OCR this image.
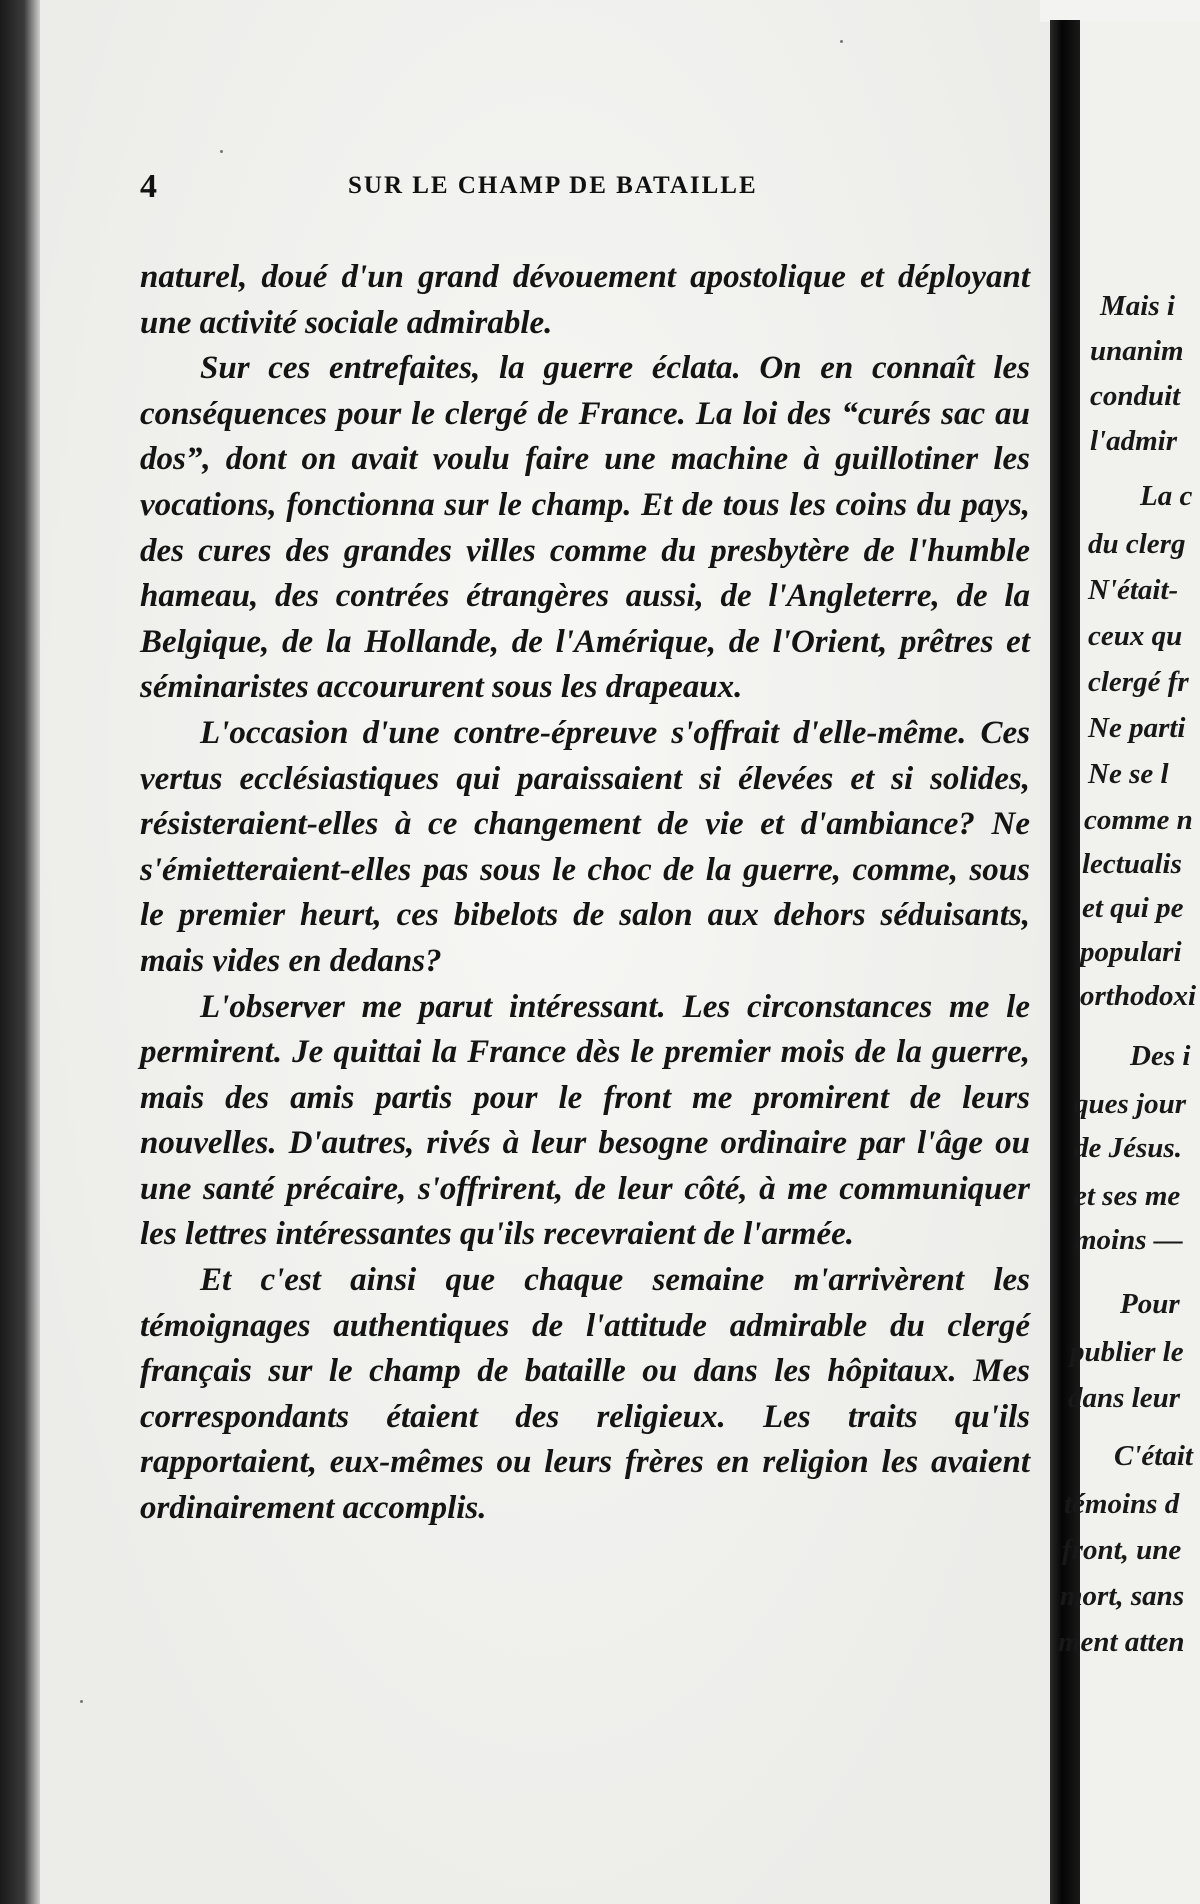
4	SUR LE CHAMP DE BATAILLE

naturel, doué d'un grand dévouement apostolique et déployant une activité sociale admirable.

Sur ces entrefaites, la guerre éclata. On en connaît les conséquences pour le clergé de France. La loi des “curés sac au dos”, dont on avait voulu faire une machine à guillotiner les vocations, fonctionna sur le champ. Et de tous les coins du pays, des cures des grandes villes comme du presbytère de l'humble hameau, des contrées étrangères aussi, de l'Angleterre, de la Belgique, de la Hollande, de l'Amérique, de l'Orient, prêtres et séminaristes accoururent sous les drapeaux.

L'occasion d'une contre-épreuve s'offrait d'elle-même. Ces vertus ecclésiastiques qui paraissaient si élevées et si solides, résisteraient-elles à ce changement de vie et d'ambiance? Ne s'émietteraient-elles pas sous le choc de la guerre, comme, sous le premier heurt, ces bibelots de salon aux dehors séduisants, mais vides en dedans?

L'observer me parut intéressant. Les circonstances me le permirent. Je quittai la France dès le premier mois de la guerre, mais des amis partis pour le front me promirent de leurs nouvelles. D'autres, rivés à leur besogne ordinaire par l'âge ou une santé précaire, s'offrirent, de leur côté, à me communiquer les lettres intéressantes qu'ils recevraient de l'armée.

Et c'est ainsi que chaque semaine m'arrivèrent les témoignages authentiques de l'attitude admirable du clergé français sur le champ de bataille ou dans les hôpitaux. Mes correspondants étaient des religieux. Les traits qu'ils rapportaient, eux-mêmes ou leurs frères en religion les avaient ordinairement accomplis.

Mais i
unanim
conduit
l'admir
La c
du clerg
N'était-
ceux qu
clergé fr
Ne parti
Ne se l
comme n
lectualis
et qui pe
populari
orthodoxi
Des i
ques jour
de Jésus.
et ses me
moins —
Pour
publier le
dans leur
C'était
témoins d
front, une
mort, sans
ment atten
